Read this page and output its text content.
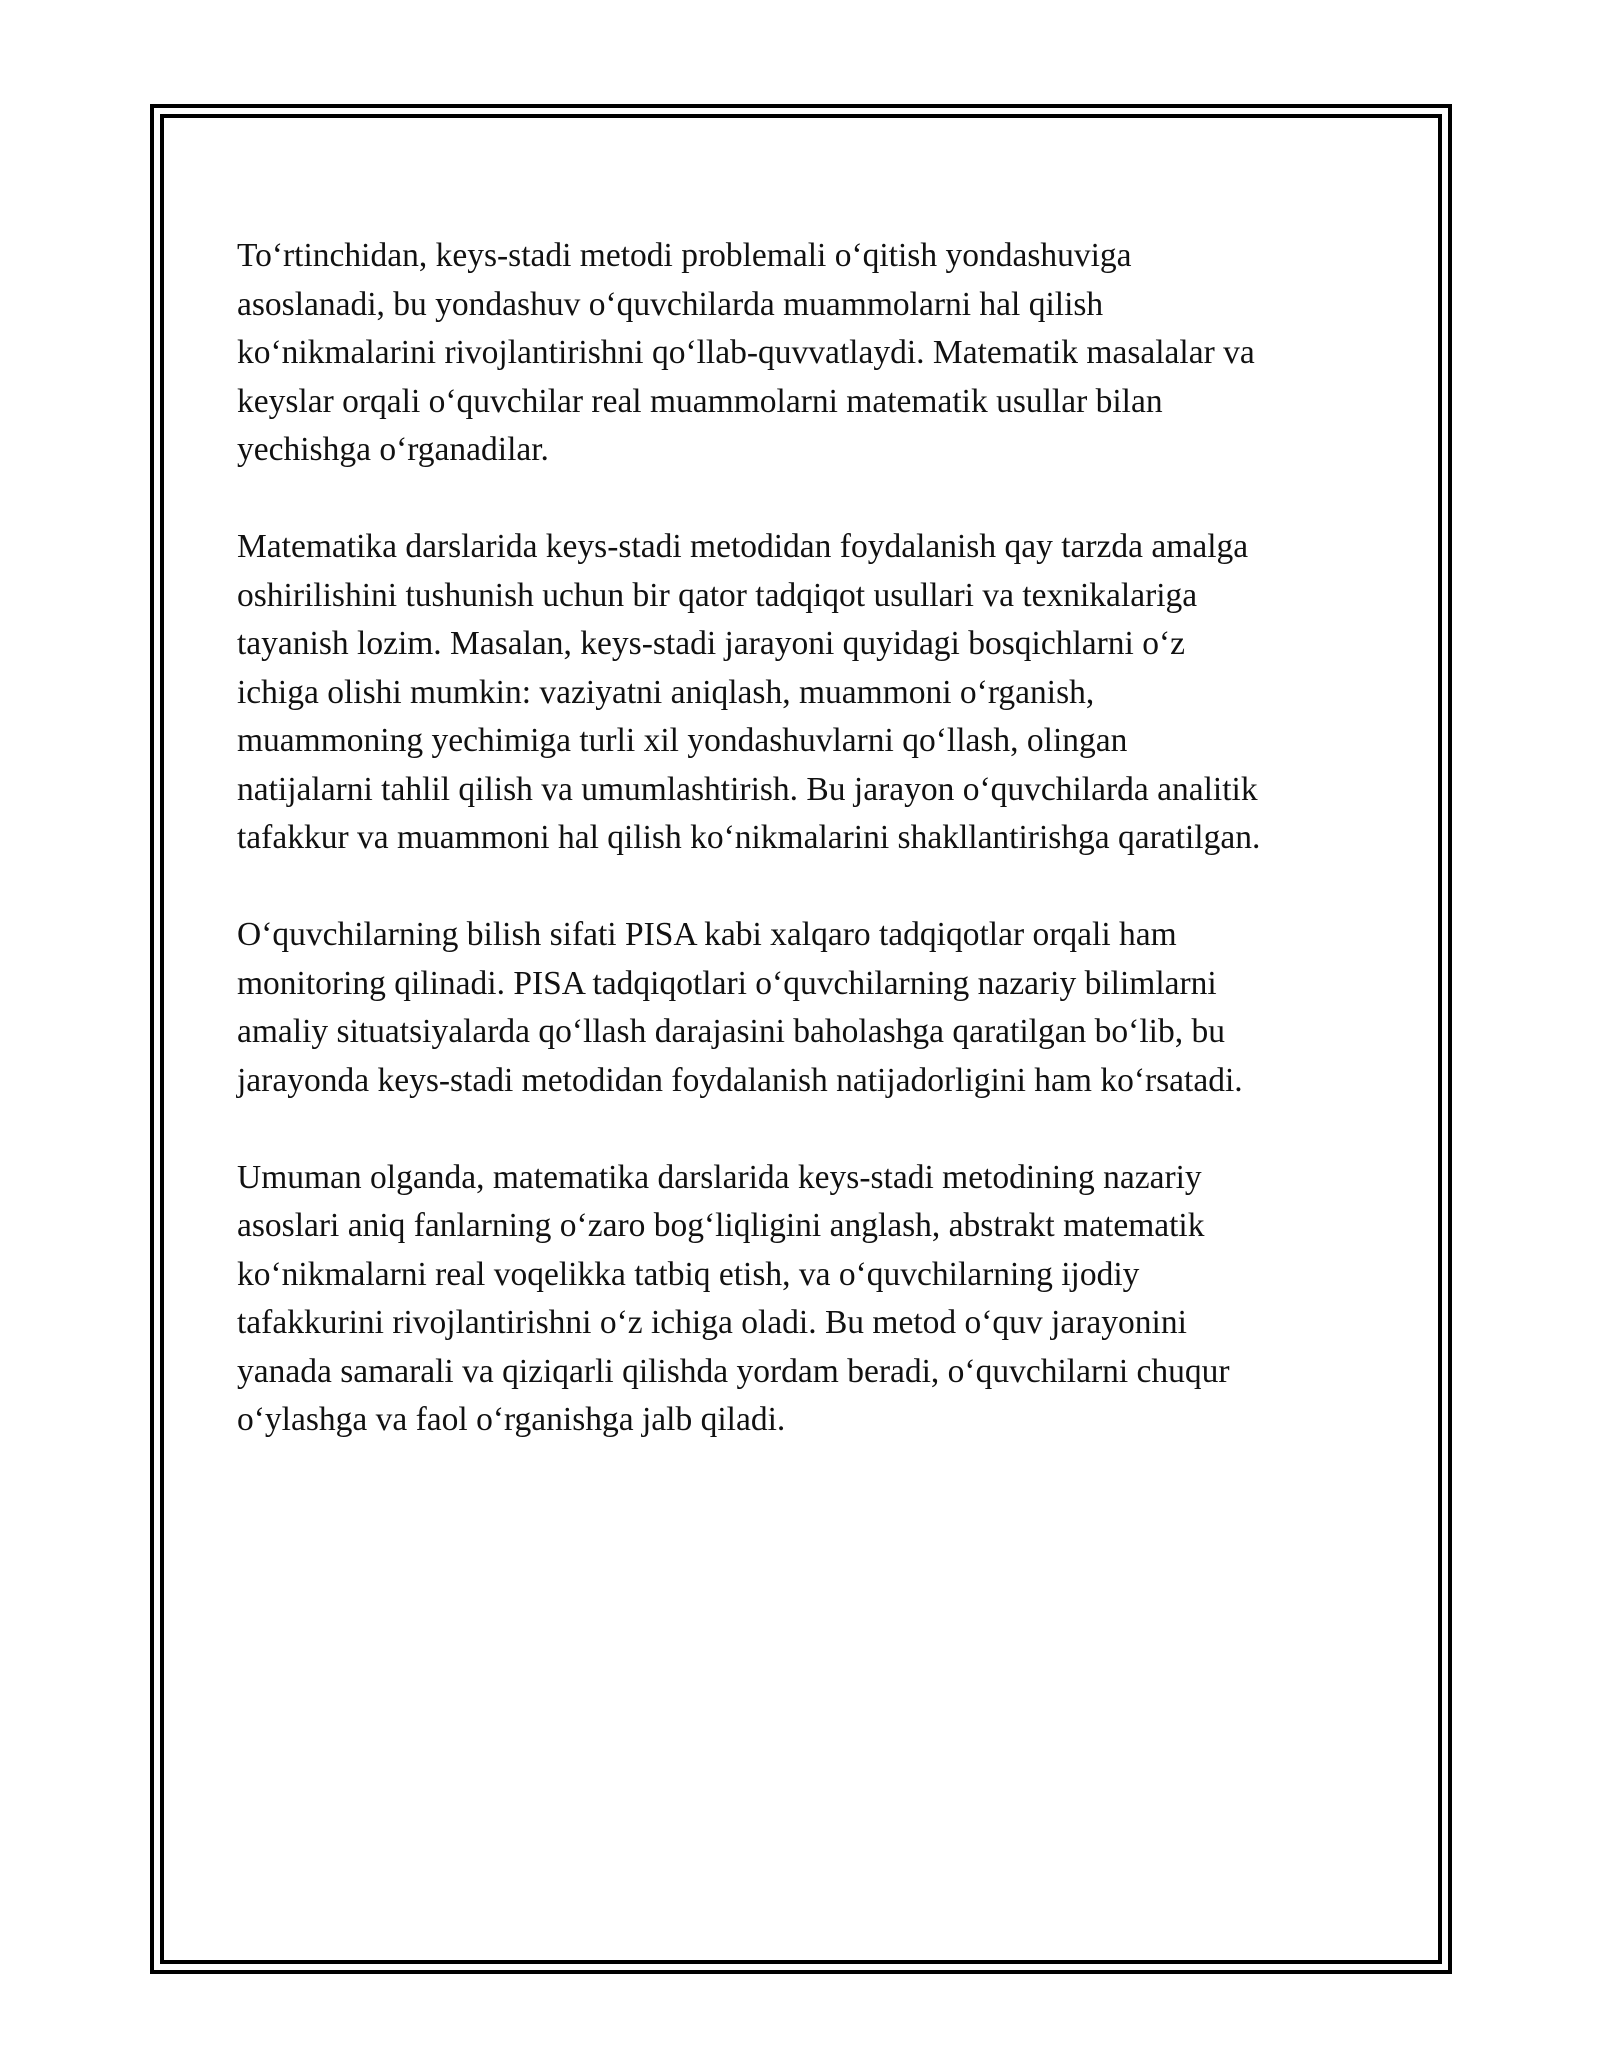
To‘rtinchidan, keys-stadi metodi problemali o‘qitish yondashuviga
asoslanadi, bu yondashuv o‘quvchilarda muammolarni hal qilish
ko‘nikmalarini rivojlantirishni qo‘llab-quvvatlaydi. Matematik masalalar va
keyslar orqali o‘quvchilar real muammolarni matematik usullar bilan
yechishga o‘rganadilar.

Matematika darslarida keys-stadi metodidan foydalanish qay tarzda amalga
oshirilishini tushunish uchun bir qator tadqiqot usullari va texnikalariga
tayanish lozim. Masalan, keys-stadi jarayoni quyidagi bosqichlarni o‘z
ichiga olishi mumkin: vaziyatni aniqlash, muammoni o‘rganish,
muammoning yechimiga turli xil yondashuvlarni qo‘llash, olingan
natijalarni tahlil qilish va umumlashtirish. Bu jarayon o‘quvchilarda analitik
tafakkur va muammoni hal qilish ko‘nikmalarini shakllantirishga qaratilgan.

O‘quvchilarning bilish sifati PISA kabi xalqaro tadqiqotlar orqali ham
monitoring qilinadi. PISA tadqiqotlari o‘quvchilarning nazariy bilimlarni
amaliy situatsiyalarda qo‘llash darajasini baholashga qaratilgan bo‘lib, bu
jarayonda keys-stadi metodidan foydalanish natijadorligini ham ko‘rsatadi.

Umuman olganda, matematika darslarida keys-stadi metodining nazariy
asoslari aniq fanlarning o‘zaro bog‘liqligini anglash, abstrakt matematik
ko‘nikmalarni real voqelikka tatbiq etish, va o‘quvchilarning ijodiy
tafakkurini rivojlantirishni o‘z ichiga oladi. Bu metod o‘quv jarayonini
yanada samarali va qiziqarli qilishda yordam beradi, o‘quvchilarni chuqur
o‘ylashga va faol o‘rganishga jalb qiladi.
